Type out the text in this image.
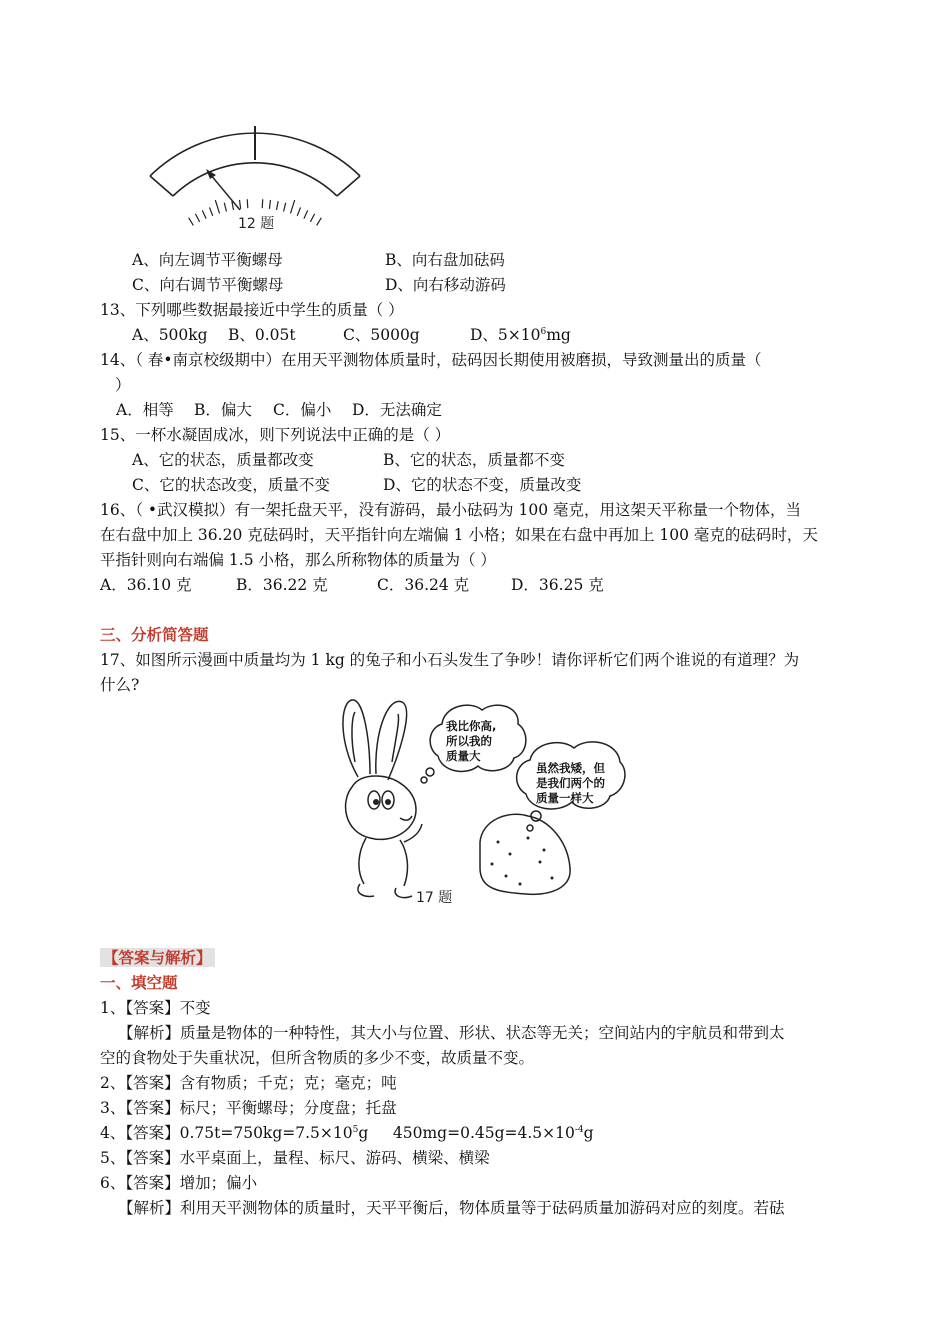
12 题
A、向左调节平衡螺母	B、向右盘加砝码
C、向右调节平衡螺母	D、向右移动游码
13、下列哪些数据最接近中学生的质量（ ）
A、500kg B、0.05t	C、5000g	D、$5\times 10^6mg$
14、（ 春•南京校级期中）在用天平测物体质量时，砝码因长期使用被磨损，导致测量出的质量（
）
A．相等 B．偏大 C．偏小 D．无法确定
15、一杯水凝固成冰，则下列说法中正确的是（ ）
A、它的状态，质量都改变	B、它的状态，质量都不变
C、它的状态改变，质量不变	D、它的状态不变，质量改变
16、（ •武汉模拟）有一架托盘天平，没有游码，最小砝码为 100 毫克，用这架天平称量一个物体，当
在右盘中加上 36.20 克砝码时，天平指针向左端偏 1 小格；如果在右盘中再加上 100 毫克的砝码时，天
平指针则向右端偏 1.5 小格，那么所称物体的质量为（ ）
A．36.10 克	B．36.22 克	C．36.24 克	D．36.25 克
三、分析简答题
17、如图所示漫画中质量均为 1 kg 的兔子和小石头发生了争吵！请你评析它们两个谁说的有道理？为
什么?
我比你高, 所以我的 质量大 虽然我矮，但 是我们两个的 质量一样大
17 题
【答案与解析】
一、填空题
1、【答案】不变
【解析】质量是物体的一种特性，其大小与位置、形状、状态等无关；空间站内的宇航员和带到太
空的食物处于失重状况，但所含物质的多少不变，故质量不变。
2、【答案】含有物质；千克；克；毫克；吨
3、【答案】标尺；平衡螺母；分度盘；托盘
4、【答案】$0.75t=750kg=7.5\times 10^5g$     $450mg=0.45g=4.5\times 10^{-4}g$
5、【答案】水平桌面上，量程、标尺、游码、横梁、横梁
6、【答案】增加；偏小
【解析】利用天平测物体的质量时，天平平衡后，物体质量等于砝码质量加游码对应的刻度。若砝
